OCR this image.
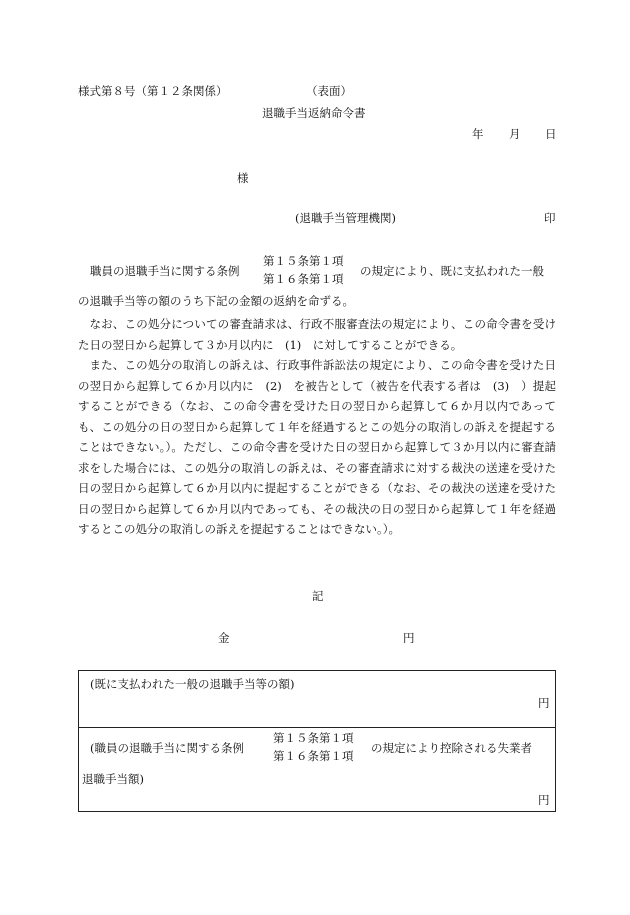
様式第８号（第１２条関係）	（表面）
退職手当返納命令書
年 月 日
様
(退職手当管理機関)	印
職員の退職手当に関する条例
第１５条第１項
第１６条第１項
の規定により、既に支払われた一般
の退職手当等の額のうち下記の金額の返納を命ずる。

なお、この処分についての審査請求は、行政不服審査法の規定により、この命令書を受けた日の翌日から起算して３か月以内に　(1)　に対してすることができる。

また、この処分の取消しの訴えは、行政事件訴訟法の規定により、この命令書を受けた日の翌日から起算して６か月以内に　(2)　を被告として（被告を代表する者は　(3)　）提起することができる（なお、この命令書を受けた日の翌日から起算して６か月以内であっても、この処分の日の翌日から起算して１年を経過するとこの処分の取消しの訴えを提起することはできない。）。ただし、この命令書を受けた日の翌日から起算して３か月以内に審査請求をした場合には、この処分の取消しの訴えは、その審査請求に対する裁決の送達を受けた日の翌日から起算して６か月以内に提起することができる（なお、その裁決の送達を受けた日の翌日から起算して６か月以内であっても、その裁決の日の翌日から起算して１年を経過するとこの処分の取消しの訴えを提起することはできない。）。

記
金	円
(既に支払われた一般の退職手当等の額)
円
(職員の退職手当に関する条例
第１５条第１項
第１６条第１項
の規定により控除される失業者
退職手当額)
円
